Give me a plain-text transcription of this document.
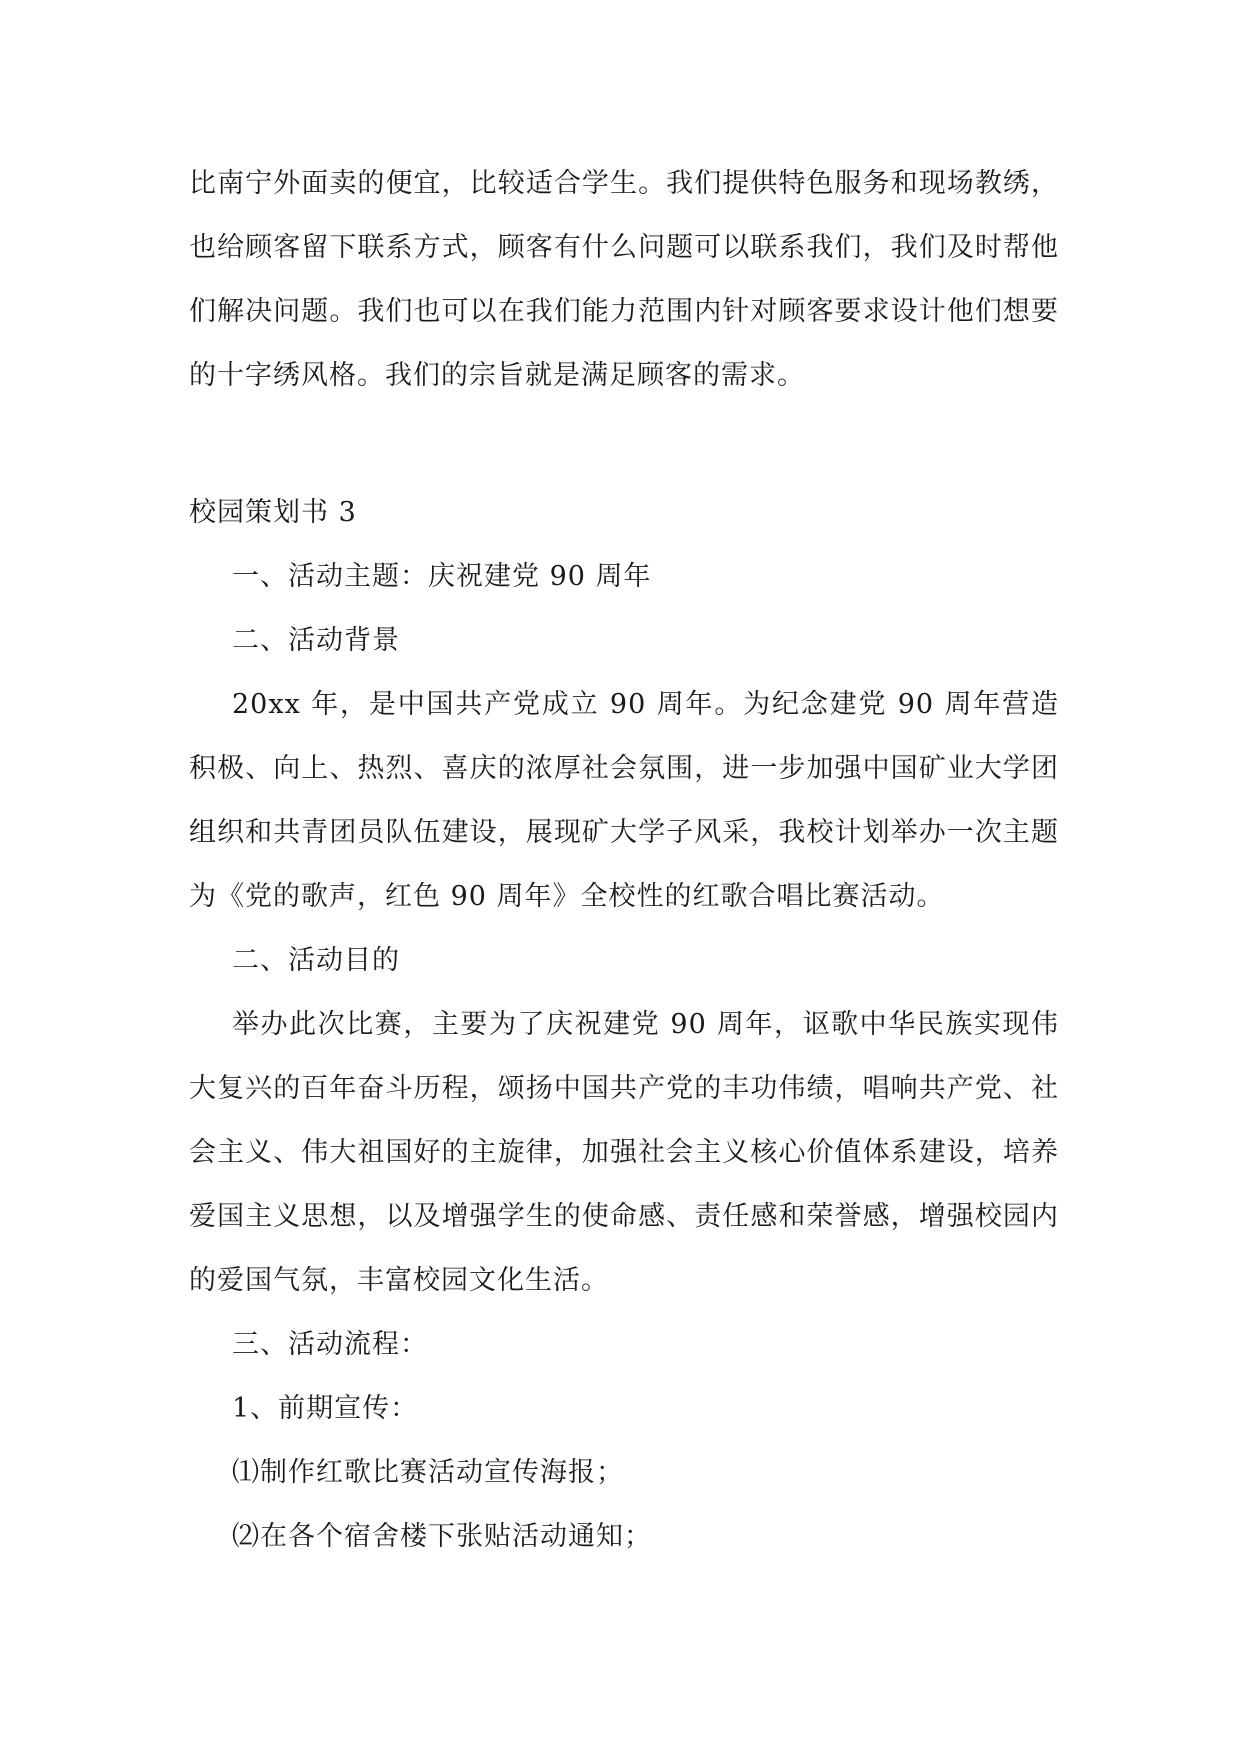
比南宁外面卖的便宜，比较适合学生。我们提供特色服务和现场教绣，也给顾客留下联系方式，顾客有什么问题可以联系我们，我们及时帮他们解决问题。我们也可以在我们能力范围内针对顾客要求设计他们想要的十字绣风格。我们的宗旨就是满足顾客的需求。
校园策划书 3

一、活动主题：庆祝建党 90 周年

二、活动背景

20xx 年，是中国共产党成立 90 周年。为纪念建党 90 周年营造积极、向上、热烈、喜庆的浓厚社会氛围，进一步加强中国矿业大学团组织和共青团员队伍建设，展现矿大学子风采，我校计划举办一次主题为《党的歌声，红色 90 周年》全校性的红歌合唱比赛活动。

二、活动目的

举办此次比赛，主要为了庆祝建党 90 周年，讴歌中华民族实现伟大复兴的百年奋斗历程，颂扬中国共产党的丰功伟绩，唱响共产党、社会主义、伟大祖国好的主旋律，加强社会主义核心价值体系建设，培养爱国主义思想，以及增强学生的使命感、责任感和荣誉感，增强校园内的爱国气氛，丰富校园文化生活。

三、活动流程：

1、前期宣传：

⑴制作红歌比赛活动宣传海报；

⑵在各个宿舍楼下张贴活动通知；
